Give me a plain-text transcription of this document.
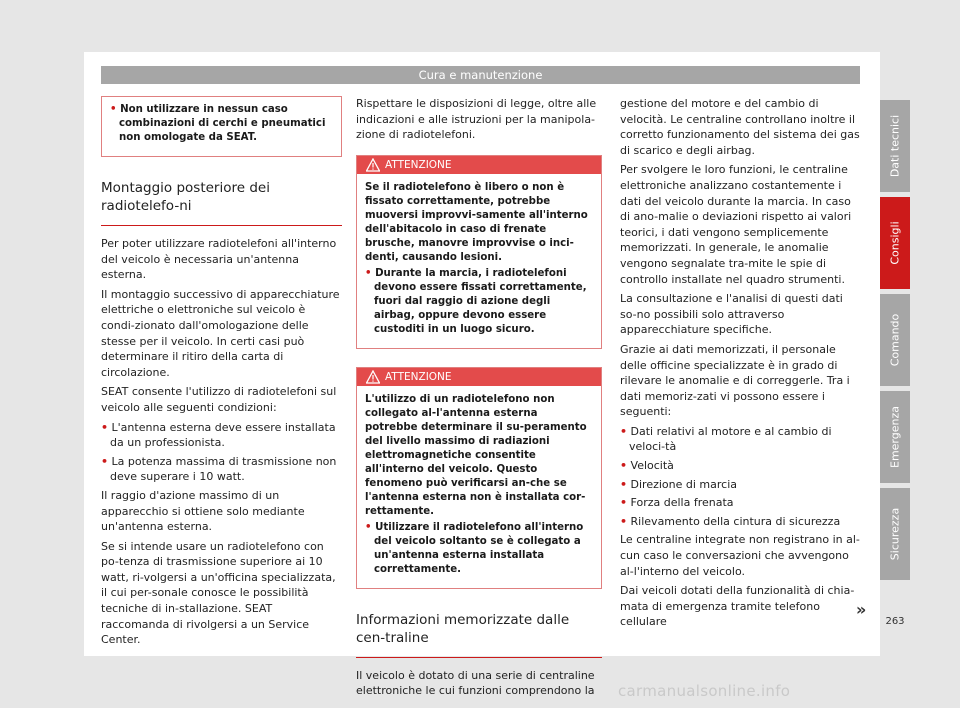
Cura e manutenzione
• Non utilizzare in nessun caso combinazioni di cerchi e pneumatici non omologate da SEAT.
Montaggio posteriore dei radiotelefo-ni

Per poter utilizzare radiotelefoni all'interno del veicolo è necessaria un'antenna esterna.

Il montaggio successivo di apparecchiature elettriche o elettroniche sul veicolo è condi-zionato dall'omologazione delle stesse per il veicolo. In certi casi può determinare il ritiro della carta di circolazione.

SEAT consente l'utilizzo di radiotelefoni sul veicolo alle seguenti condizioni:

• L'antenna esterna deve essere installata da un professionista.
• La potenza massima di trasmissione non deve superare i 10 watt.

Il raggio d'azione massimo di un apparecchio si ottiene solo mediante un'antenna esterna.

Se si intende usare un radiotelefono con po-tenza di trasmissione superiore ai 10 watt, ri-volgersi a un'officina specializzata, il cui per-sonale conosce le possibilità tecniche di in-stallazione. SEAT raccomanda di rivolgersi a un Service Center.

Rispettare le disposizioni di legge, oltre alle indicazioni e alle istruzioni per la manipola-zione di radiotelefoni.

ATTENZIONE

Se il radiotelefono è libero o non è fissato correttamente, potrebbe muoversi improvvi-samente all'interno dell'abitacolo in caso di frenate brusche, manovre improvvise o inci-denti, causando lesioni.

• Durante la marcia, i radiotelefoni devono essere fissati correttamente, fuori dal raggio di azione degli airbag, oppure devono essere custoditi in un luogo sicuro.
ATTENZIONE

L'utilizzo di un radiotelefono non collegato al-l'antenna esterna potrebbe determinare il su-peramento del livello massimo di radiazioni elettromagnetiche consentite all'interno del veicolo. Questo fenomeno può verificarsi an-che se l'antenna esterna non è installata cor-rettamente.

• Utilizzare il radiotelefono all'interno del veicolo soltanto se è collegato a un'antenna esterna installata correttamente.
Informazioni memorizzate dalle cen-traline

Il veicolo è dotato di una serie di centraline elettroniche le cui funzioni comprendono la

gestione del motore e del cambio di velocità. Le centraline controllano inoltre il corretto funzionamento del sistema dei gas di scarico e degli airbag.

Per svolgere le loro funzioni, le centraline elettroniche analizzano costantemente i dati del veicolo durante la marcia. In caso di ano-malie o deviazioni rispetto ai valori teorici, i dati vengono semplicemente memorizzati. In generale, le anomalie vengono segnalate tra-mite le spie di controllo installate nel quadro strumenti.

La consultazione e l'analisi di questi dati so-no possibili solo attraverso apparecchiature specifiche.

Grazie ai dati memorizzati, il personale delle officine specializzate è in grado di rilevare le anomalie e di correggerle. Tra i dati memoriz-zati vi possono essere i seguenti:

• Dati relativi al motore e al cambio di veloci-tà
• Velocità
• Direzione di marcia
• Forza della frenata
• Rilevamento della cintura di sicurezza

Le centraline integrate non registrano in al-cun caso le conversazioni che avvengono al-l'interno del veicolo.

Dai veicoli dotati della funzionalità di chia-mata di emergenza tramite telefono cellulare

»
Dati tecnici
Consigli
Comando
Emergenza
Sicurezza
263
carmanualsonline.info
